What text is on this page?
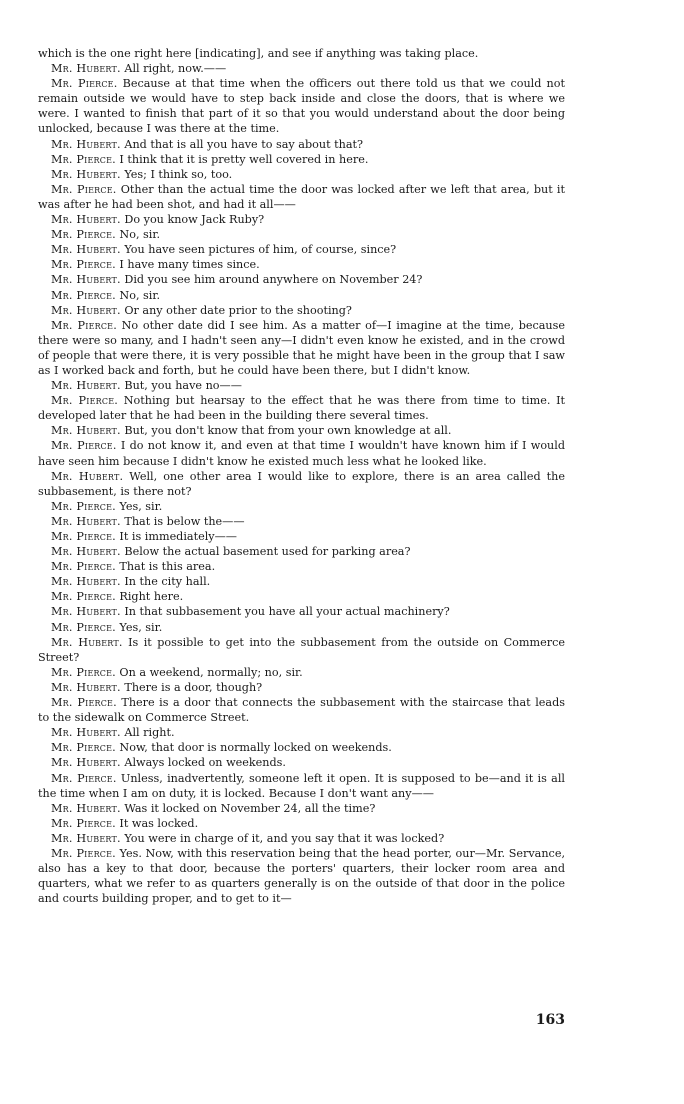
which is the one right here [indicating], and see if anything was taking place.

Mr. Hubert. All right, now.——

Mr. Pierce. Because at that time when the officers out there told us that we could not remain outside we would have to step back inside and close the doors, that is where we were. I wanted to finish that part of it so that you would understand about the door being unlocked, because I was there at the time.

Mr. Hubert. And that is all you have to say about that?

Mr. Pierce. I think that it is pretty well covered in here.

Mr. Hubert. Yes; I think so, too.

Mr. Pierce. Other than the actual time the door was locked after we left that area, but it was after he had been shot, and had it all——

Mr. Hubert. Do you know Jack Ruby?

Mr. Pierce. No, sir.

Mr. Hubert. You have seen pictures of him, of course, since?

Mr. Pierce. I have many times since.

Mr. Hubert. Did you see him around anywhere on November 24?

Mr. Pierce. No, sir.

Mr. Hubert. Or any other date prior to the shooting?

Mr. Pierce. No other date did I see him. As a matter of—I imagine at the time, because there were so many, and I hadn't seen any—I didn't even know he existed, and in the crowd of people that were there, it is very possible that he might have been in the group that I saw as I worked back and forth, but he could have been there, but I didn't know.

Mr. Hubert. But, you have no——

Mr. Pierce. Nothing but hearsay to the effect that he was there from time to time. It developed later that he had been in the building there several times.

Mr. Hubert. But, you don't know that from your own knowledge at all.

Mr. Pierce. I do not know it, and even at that time I wouldn't have known him if I would have seen him because I didn't know he existed much less what he looked like.

Mr. Hubert. Well, one other area I would like to explore, there is an area called the subbasement, is there not?

Mr. Pierce. Yes, sir.

Mr. Hubert. That is below the——

Mr. Pierce. It is immediately——

Mr. Hubert. Below the actual basement used for parking area?

Mr. Pierce. That is this area.

Mr. Hubert. In the city hall.

Mr. Pierce. Right here.

Mr. Hubert. In that subbasement you have all your actual machinery?

Mr. Pierce. Yes, sir.

Mr. Hubert. Is it possible to get into the subbasement from the outside on Commerce Street?

Mr. Pierce. On a weekend, normally; no, sir.

Mr. Hubert. There is a door, though?

Mr. Pierce. There is a door that connects the subbasement with the staircase that leads to the sidewalk on Commerce Street.

Mr. Hubert. All right.

Mr. Pierce. Now, that door is normally locked on weekends.

Mr. Hubert. Always locked on weekends.

Mr. Pierce. Unless, inadvertently, someone left it open. It is supposed to be—and it is all the time when I am on duty, it is locked. Because I don't want any——

Mr. Hubert. Was it locked on November 24, all the time?

Mr. Pierce. It was locked.

Mr. Hubert. You were in charge of it, and you say that it was locked?

Mr. Pierce. Yes. Now, with this reservation being that the head porter, our—Mr. Servance, also has a key to that door, because the porters' quarters, their locker room area and quarters, what we refer to as quarters generally is on the outside of that door in the police and courts building proper, and to get to it—

163
